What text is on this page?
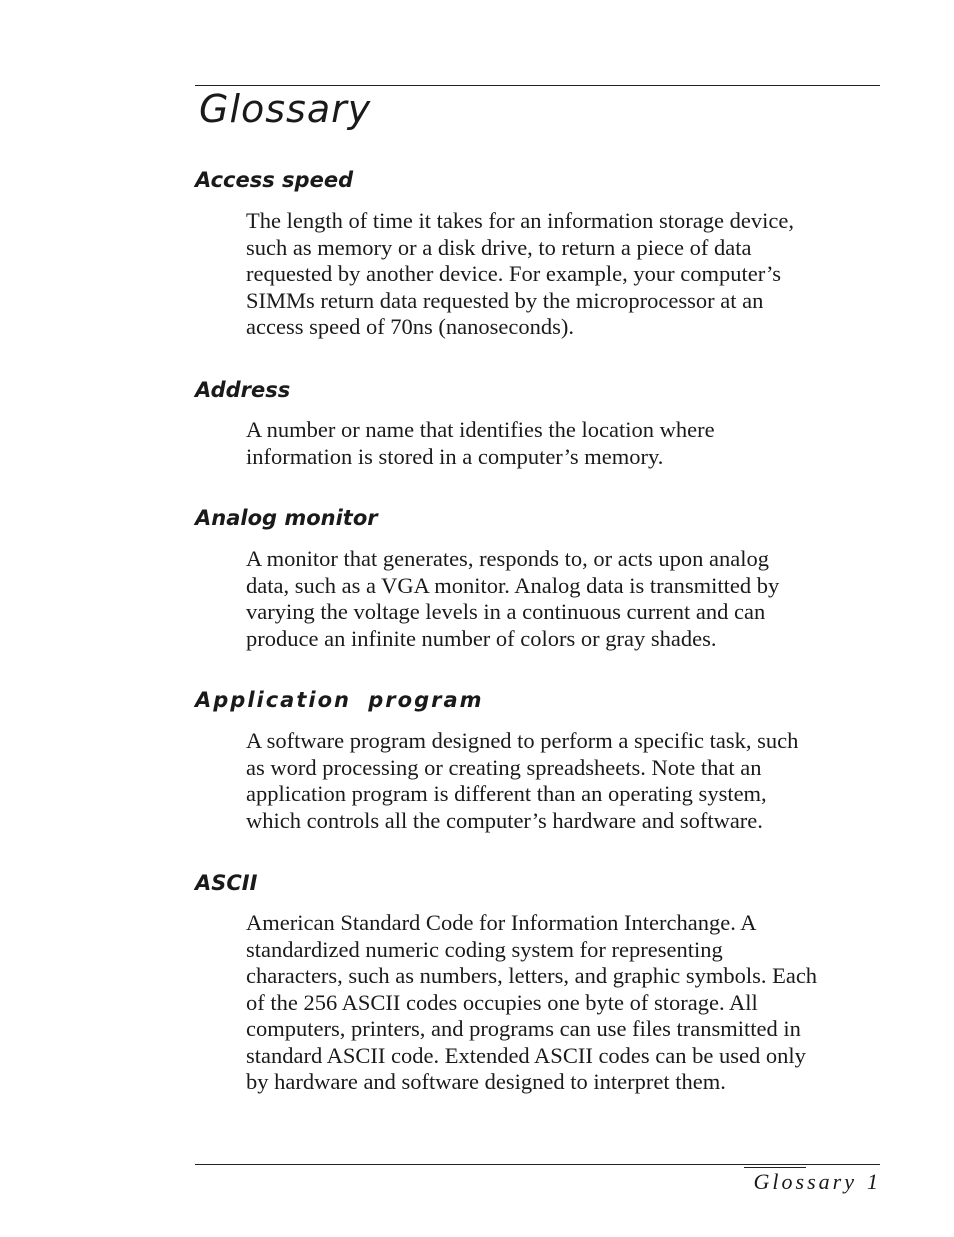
Glossary
Access speed
The length of time it takes for an information storage device,
such as memory or a disk drive, to return a piece of data
requested by another device. For example, your computer’s
SIMMs return data requested by the microprocessor at an
access speed of 70ns (nanoseconds).
Address
A number or name that identifies the location where
information is stored in a computer’s memory.
Analog monitor
A monitor that generates, responds to, or acts upon analog
data, such as a VGA monitor. Analog data is transmitted by
varying the voltage levels in a continuous current and can
produce an infinite number of colors or gray shades.
Application program
A software program designed to perform a specific task, such
as word processing or creating spreadsheets. Note that an
application program is different than an operating system,
which controls all the computer’s hardware and software.
ASCII
American Standard Code for Information Interchange. A
standardized numeric coding system for representing
characters, such as numbers, letters, and graphic symbols. Each
of the 256 ASCII codes occupies one byte of storage. All
computers, printers, and programs can use files transmitted in
standard ASCII code. Extended ASCII codes can be used only
by hardware and software designed to interpret them.
Glossary 1
